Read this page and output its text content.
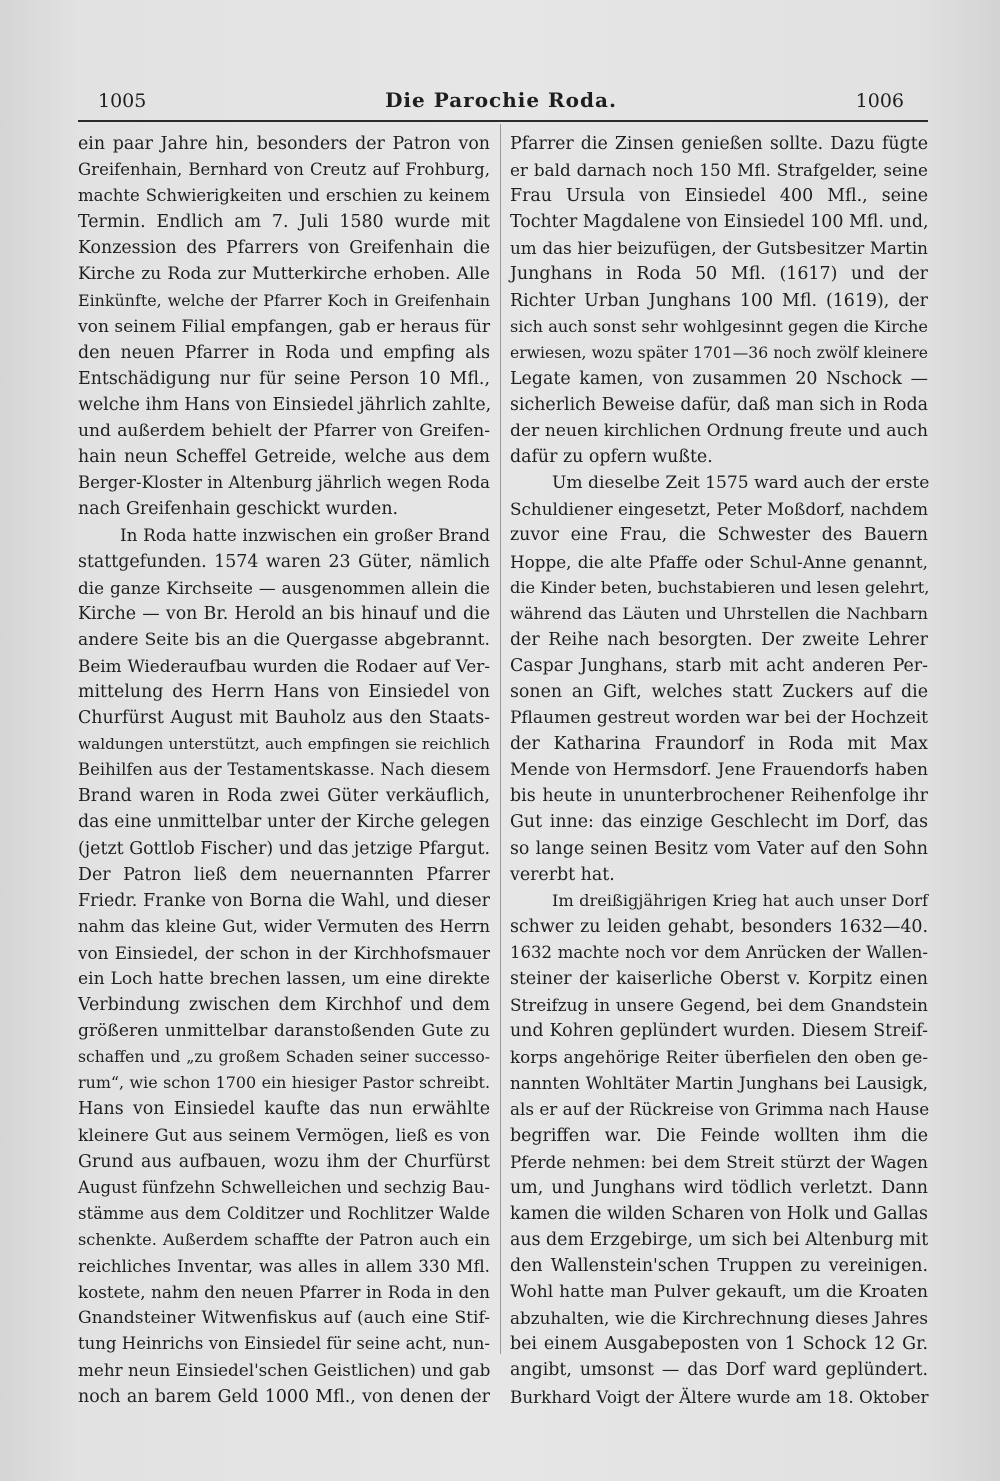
1005	Die Parochie Roda.	1006
ein paar Jahre hin, besonders der Patron von
Greifenhain, Bernhard von Creutz auf Frohburg,
machte Schwierigkeiten und erschien zu keinem
Termin. Endlich am 7. Juli 1580 wurde mit
Konzession des Pfarrers von Greifenhain die
Kirche zu Roda zur Mutterkirche erhoben. Alle
Einkünfte, welche der Pfarrer Koch in Greifenhain
von seinem Filial empfangen, gab er heraus für
den neuen Pfarrer in Roda und empfing als
Entschädigung nur für seine Person 10 Mfl.,
welche ihm Hans von Einsiedel jährlich zahlte,
und außerdem behielt der Pfarrer von Greifen-
hain neun Scheffel Getreide, welche aus dem
Berger-Kloster in Altenburg jährlich wegen Roda
nach Greifenhain geschickt wurden.
In Roda hatte inzwischen ein großer Brand
stattgefunden. 1574 waren 23 Güter, nämlich
die ganze Kirchseite — ausgenommen allein die
Kirche — von Br. Herold an bis hinauf und die
andere Seite bis an die Quergasse abgebrannt.
Beim Wiederaufbau wurden die Rodaer auf Ver-
mittelung des Herrn Hans von Einsiedel von
Churfürst August mit Bauholz aus den Staats-
waldungen unterstützt, auch empfingen sie reichlich
Beihilfen aus der Testamentskasse. Nach diesem
Brand waren in Roda zwei Güter verkäuflich,
das eine unmittelbar unter der Kirche gelegen
(jetzt Gottlob Fischer) und das jetzige Pfargut.
Der Patron ließ dem neuernannten Pfarrer
Friedr. Franke von Borna die Wahl, und dieser
nahm das kleine Gut, wider Vermuten des Herrn
von Einsiedel, der schon in der Kirchhofsmauer
ein Loch hatte brechen lassen, um eine direkte
Verbindung zwischen dem Kirchhof und dem
größeren unmittelbar daranstoßenden Gute zu
schaffen und „zu großem Schaden seiner successo-
rum“, wie schon 1700 ein hiesiger Pastor schreibt.
Hans von Einsiedel kaufte das nun erwählte
kleinere Gut aus seinem Vermögen, ließ es von
Grund aus aufbauen, wozu ihm der Churfürst
August fünfzehn Schwelleichen und sechzig Bau-
stämme aus dem Colditzer und Rochlitzer Walde
schenkte. Außerdem schaffte der Patron auch ein
reichliches Inventar, was alles in allem 330 Mfl.
kostete, nahm den neuen Pfarrer in Roda in den
Gnandsteiner Witwenfiskus auf (auch eine Stif-
tung Heinrichs von Einsiedel für seine acht, nun-
mehr neun Einsiedel'schen Geistlichen) und gab
noch an barem Geld 1000 Mfl., von denen der
Pfarrer die Zinsen genießen sollte. Dazu fügte
er bald darnach noch 150 Mfl. Strafgelder, seine
Frau Ursula von Einsiedel 400 Mfl., seine
Tochter Magdalene von Einsiedel 100 Mfl. und,
um das hier beizufügen, der Gutsbesitzer Martin
Junghans in Roda 50 Mfl. (1617) und der
Richter Urban Junghans 100 Mfl. (1619), der
sich auch sonst sehr wohlgesinnt gegen die Kirche
erwiesen, wozu später 1701—36 noch zwölf kleinere
Legate kamen, von zusammen 20 Nschock —
sicherlich Beweise dafür, daß man sich in Roda
der neuen kirchlichen Ordnung freute und auch
dafür zu opfern wußte.
Um dieselbe Zeit 1575 ward auch der erste
Schuldiener eingesetzt, Peter Moßdorf, nachdem
zuvor eine Frau, die Schwester des Bauern
Hoppe, die alte Pfaffe oder Schul-Anne genannt,
die Kinder beten, buchstabieren und lesen gelehrt,
während das Läuten und Uhrstellen die Nachbarn
der Reihe nach besorgten. Der zweite Lehrer
Caspar Junghans, starb mit acht anderen Per-
sonen an Gift, welches statt Zuckers auf die
Pflaumen gestreut worden war bei der Hochzeit
der Katharina Fraundorf in Roda mit Max
Mende von Hermsdorf. Jene Frauendorfs haben
bis heute in ununterbrochener Reihenfolge ihr
Gut inne: das einzige Geschlecht im Dorf, das
so lange seinen Besitz vom Vater auf den Sohn
vererbt hat.
Im dreißigjährigen Krieg hat auch unser Dorf
schwer zu leiden gehabt, besonders 1632—40.
1632 machte noch vor dem Anrücken der Wallen-
steiner der kaiserliche Oberst v. Korpitz einen
Streifzug in unsere Gegend, bei dem Gnandstein
und Kohren geplündert wurden. Diesem Streif-
korps angehörige Reiter überfielen den oben ge-
nannten Wohltäter Martin Junghans bei Lausigk,
als er auf der Rückreise von Grimma nach Hause
begriffen war. Die Feinde wollten ihm die
Pferde nehmen: bei dem Streit stürzt der Wagen
um, und Junghans wird tödlich verletzt. Dann
kamen die wilden Scharen von Holk und Gallas
aus dem Erzgebirge, um sich bei Altenburg mit
den Wallenstein'schen Truppen zu vereinigen.
Wohl hatte man Pulver gekauft, um die Kroaten
abzuhalten, wie die Kirchrechnung dieses Jahres
bei einem Ausgabeposten von 1 Schock 12 Gr.
angibt, umsonst — das Dorf ward geplündert.
Burkhard Voigt der Ältere wurde am 18. Oktober
